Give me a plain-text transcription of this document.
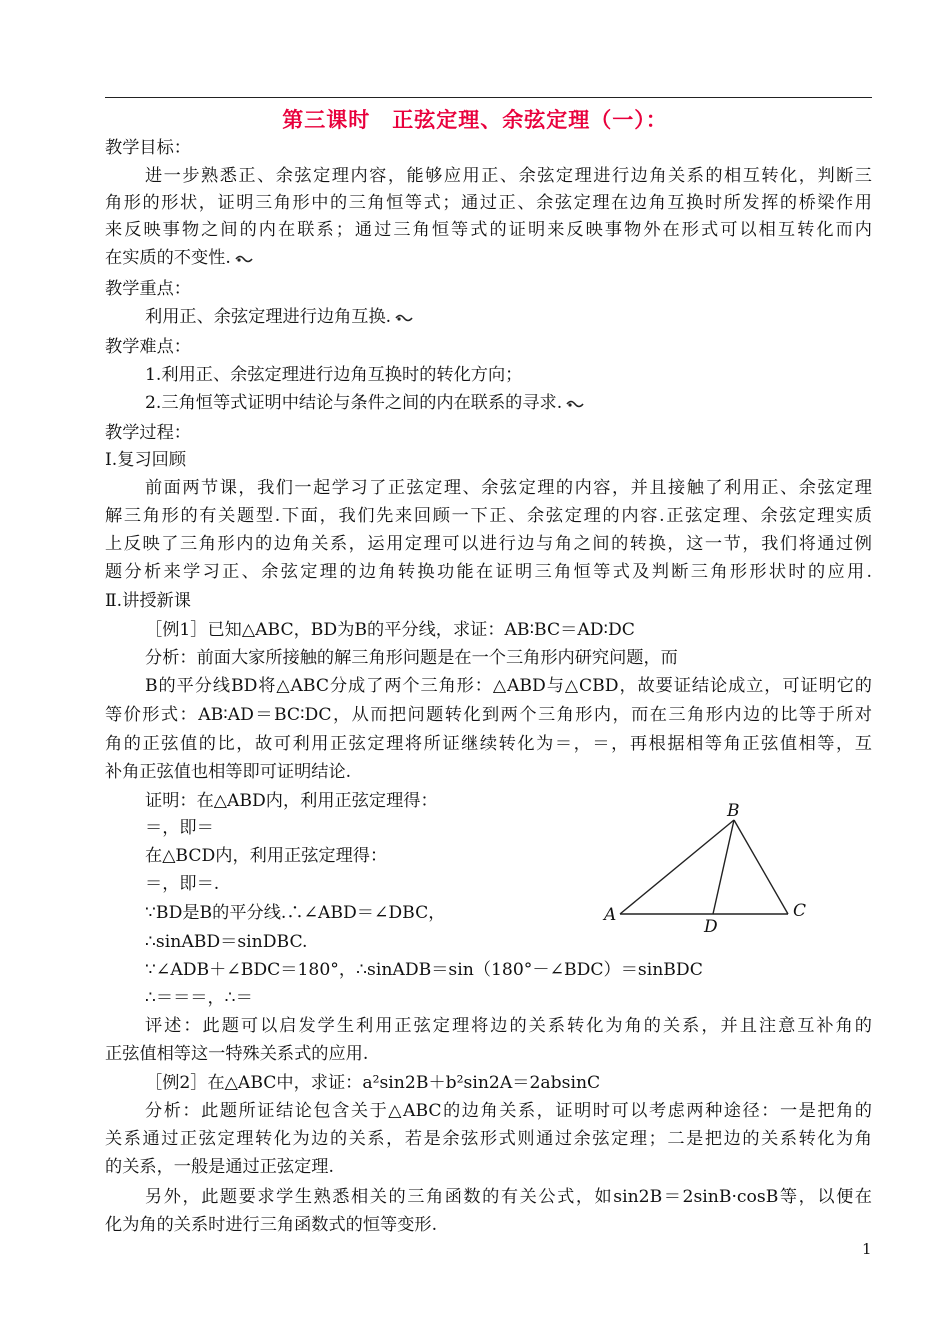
第三课时　正弦定理、余弦定理（一）：
教学目标：
进一步熟悉正、余弦定理内容，能够应用正、余弦定理进行边角关系的相互转化，判断三
角形的形状，证明三角形中的三角恒等式；通过正、余弦定理在边角互换时所发挥的桥梁作用
来反映事物之间的内在联系；通过三角恒等式的证明来反映事物外在形式可以相互转化而内
在实质的不变性.
教学重点：
利用正、余弦定理进行边角互换.
教学难点：
1.利用正、余弦定理进行边角互换时的转化方向；
2.三角恒等式证明中结论与条件之间的内在联系的寻求.
教学过程：
Ⅰ.复习回顾
前面两节课，我们一起学习了正弦定理、余弦定理的内容，并且接触了利用正、余弦定理
解三角形的有关题型.下面，我们先来回顾一下正、余弦定理的内容.正弦定理、余弦定理实质
上反映了三角形内的边角关系，运用定理可以进行边与角之间的转换，这一节，我们将通过例
题分析来学习正、余弦定理的边角转换功能在证明三角恒等式及判断三角形形状时的应用.
Ⅱ.讲授新课
［例1］已知△ABC，BD为B的平分线，求证：AB∶BC＝AD∶DC
分析：前面大家所接触的解三角形问题是在一个三角形内研究问题，而
B的平分线BD将△ABC分成了两个三角形：△ABD与△CBD，故要证结论成立，可证明它的
等价形式：AB∶AD＝BC∶DC，从而把问题转化到两个三角形内，而在三角形内边的比等于所对
角的正弦值的比，故可利用正弦定理将所证继续转化为＝，＝，再根据相等角正弦值相等，互
补角正弦值也相等即可证明结论.
证明：在△ABD内，利用正弦定理得：
＝，即＝
在△BCD内，利用正弦定理得：
＝，即＝.
∵BD是B的平分线.∴∠ABD＝∠DBC，
∴sinABD＝sinDBC.
∵∠ADB＋∠BDC＝180°，∴sinADB＝sin（180°－∠BDC）＝sinBDC
∴＝＝＝，∴＝
评述：此题可以启发学生利用正弦定理将边的关系转化为角的关系，并且注意互补角的
正弦值相等这一特殊关系式的应用.
［例2］在△ABC中，求证：a²sin2B＋b²sin2A＝2absinC
分析：此题所证结论包含关于△ABC的边角关系，证明时可以考虑两种途径：一是把角的
关系通过正弦定理转化为边的关系，若是余弦形式则通过余弦定理；二是把边的关系转化为角
的关系，一般是通过正弦定理.
另外，此题要求学生熟悉相关的三角函数的有关公式，如sin2B＝2sinB·cosB等，以便在
化为角的关系时进行三角函数式的恒等变形.
B
A	C
D
1
